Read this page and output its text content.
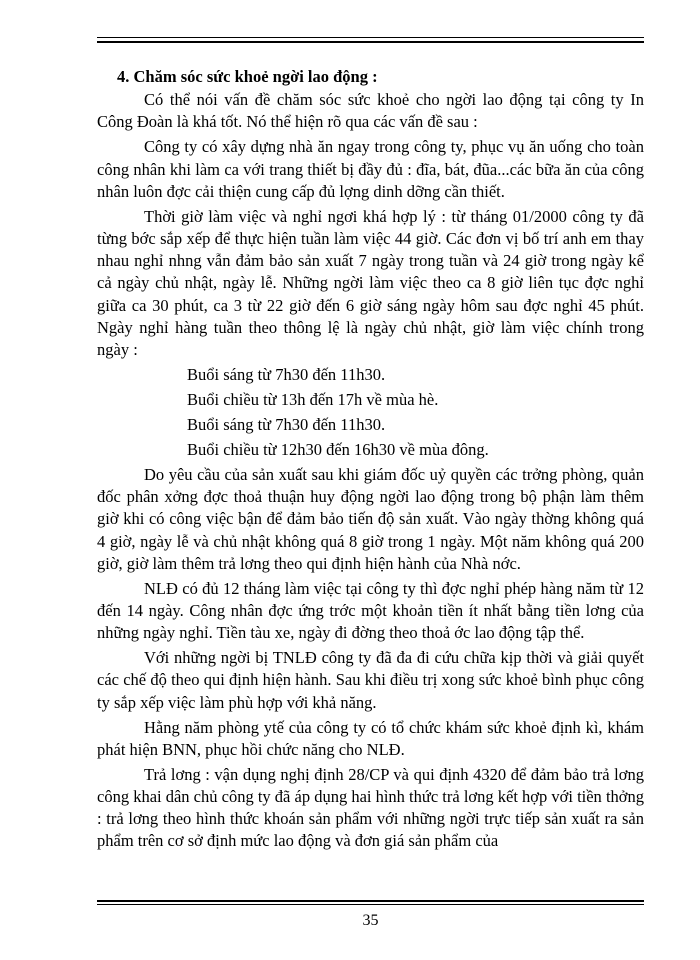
4. Chăm sóc sức khoẻ ngời lao động :

Có thể nói vấn đề chăm sóc sức khoẻ cho ngời lao động tại công ty In Công Đoàn là khá tốt. Nó thể hiện rõ qua các vấn đề sau :

Công ty có xây dựng nhà ăn ngay trong công ty, phục vụ ăn uống cho toàn công nhân khi làm ca với trang thiết bị đầy đủ : đĩa, bát, đũa...các bữa ăn của công nhân luôn đợc cải thiện cung cấp đủ lợng dinh dỡng cần thiết.

Thời giờ làm việc và nghỉ ngơi khá hợp lý : từ tháng 01/2000 công ty đã từng bớc sắp xếp để thực hiện tuần làm việc 44 giờ. Các đơn vị bố trí anh em thay nhau nghỉ nhng vẫn đảm bảo sản xuất 7 ngày trong tuần và 24 giờ trong ngày kể cả ngày chủ nhật, ngày lễ. Những ngời làm việc theo ca 8 giờ liên tục đợc nghỉ giữa ca 30 phút, ca 3 từ 22 giờ đến 6 giờ sáng ngày hôm sau đợc nghỉ 45 phút. Ngày nghỉ hàng tuần theo thông lệ là ngày chủ nhật, giờ làm việc chính trong ngày :

Buổi sáng từ 7h30 đến 11h30.

Buổi chiều từ 13h đến 17h về mùa hè.

Buổi sáng từ 7h30 đến 11h30.

Buổi chiều từ 12h30 đến 16h30 về mùa đông.

Do yêu cầu của sản xuất sau khi giám đốc uỷ quyền các trởng phòng, quản đốc phân xởng đợc thoả thuận huy động ngời lao động trong bộ phận làm thêm giờ khi có công việc bận để đảm bảo tiến độ sản xuất. Vào ngày thờng không quá 4 giờ, ngày lễ và chủ nhật không quá 8 giờ trong 1 ngày. Một năm không quá 200 giờ, giờ làm thêm trả lơng theo qui định hiện hành của Nhà nớc.

NLĐ có đủ 12 tháng làm việc tại công ty thì đợc nghỉ phép hàng năm từ 12 đến 14 ngày. Công nhân đợc ứng trớc một khoản tiền ít nhất bằng tiền lơng của những ngày nghỉ. Tiền tàu xe, ngày đi đờng theo thoả ớc lao động tập thể.

Với những ngời bị TNLĐ công ty đã đa đi cứu chữa kịp thời và giải quyết các chế độ theo qui định hiện hành. Sau khi điều trị xong sức khoẻ bình phục công ty sắp xếp việc làm phù hợp với khả năng.

Hằng năm phòng ytế của công ty có tổ chức khám sức khoẻ định kì, khám phát hiện BNN, phục hồi chức năng cho NLĐ.

Trả lơng : vận dụng nghị định 28/CP và qui định 4320 để đảm bảo trả lơng công khai dân chủ công ty đã áp dụng hai hình thức trả lơng kết hợp với tiền thởng : trả lơng theo hình thức khoán sản phẩm với những ngời trực tiếp sản xuất ra sản phẩm trên cơ sở định mức lao động và đơn giá sản phẩm của

35
